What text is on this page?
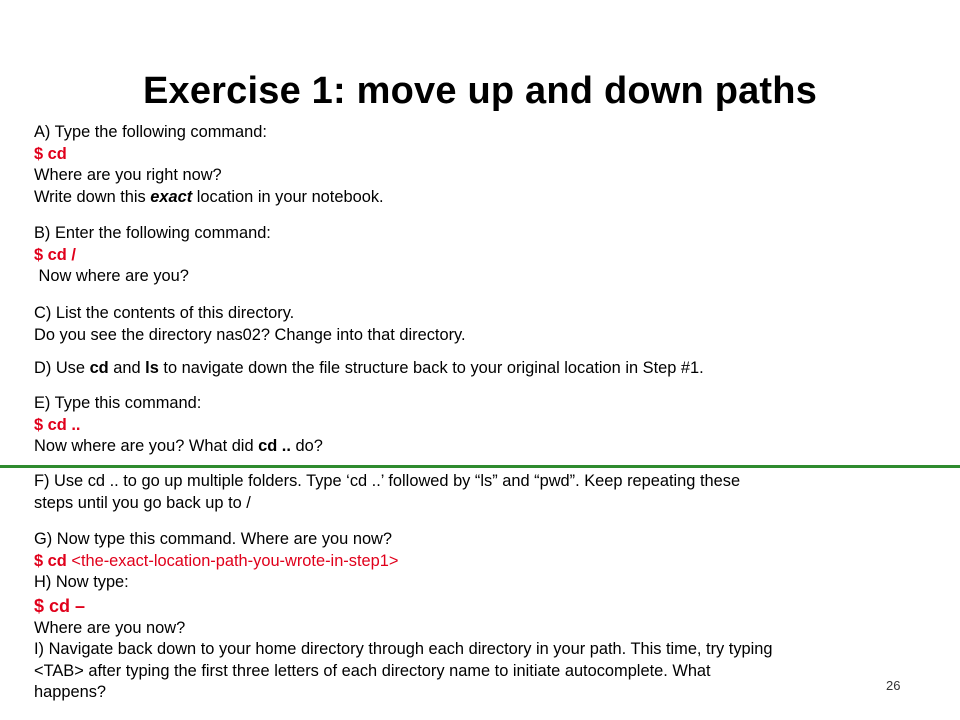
Exercise 1: move up and down paths
A) Type the following command:
$ cd
Where are you right now?
Write down this exact location in your notebook.
B) Enter the following command:
$ cd /
Now where are you?
C) List the contents of this directory.
Do you see the directory nas02? Change into that directory.
D) Use cd and ls to navigate down the file structure back to your original location in Step #1.
E) Type this command:
$ cd ..
Now where are you? What did cd .. do?
F) Use cd .. to go up multiple folders. Type ‘cd ..’ followed by “ls” and “pwd”. Keep repeating these
steps until you go back up to /
G) Now type this command. Where are you now?
$ cd <the-exact-location-path-you-wrote-in-step1>
H) Now type:
$ cd –
Where are you now?
I) Navigate back down to your home directory through each directory in your path. This time, try typing
<TAB> after typing the first three letters of each directory name to initiate autocomplete. What
happens?	26
